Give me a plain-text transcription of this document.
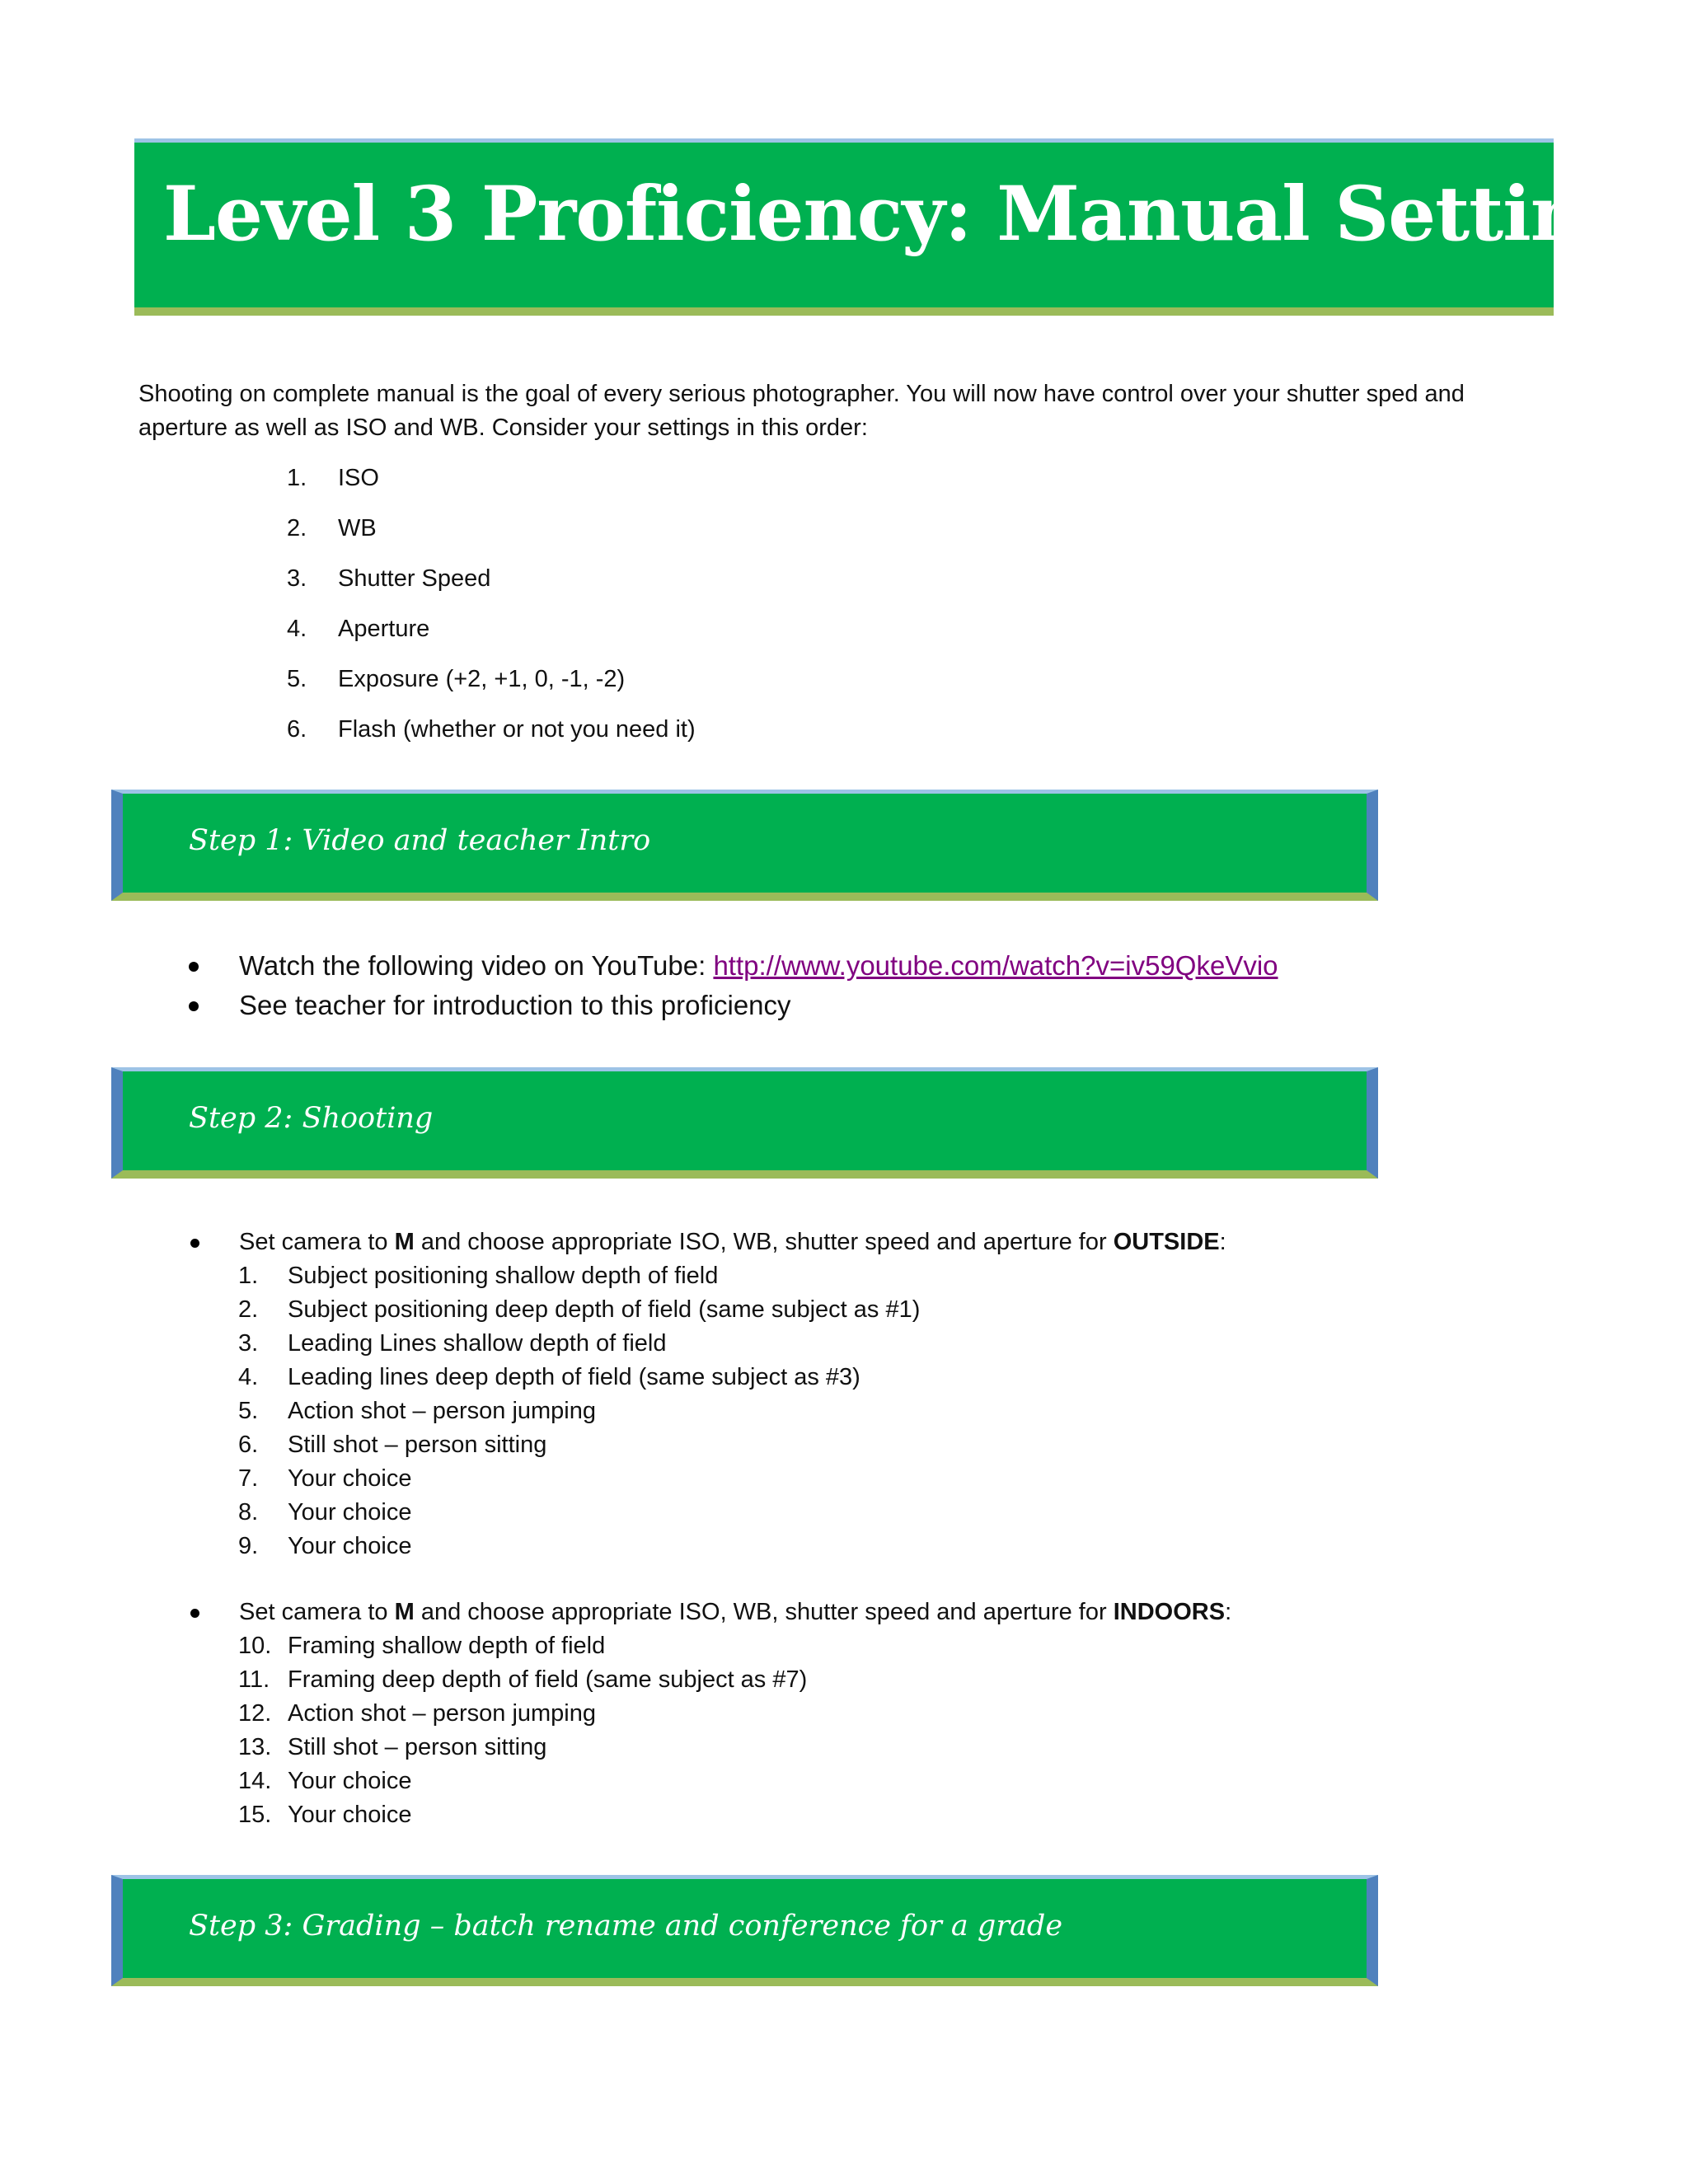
Level 3 Proficiency: Manual Settings

Shooting on complete manual is the goal of every serious photographer. You will now have control over your shutter sped and aperture as well as ISO and WB. Consider your settings in this order:

1. ISO
2. WB
3. Shutter Speed
4. Aperture
5. Exposure (+2, +1, 0, -1, -2)
6. Flash (whether or not you need it)
Step 1: Video and teacher Intro
Watch the following video on YouTube: http://www.youtube.com/watch?v=iv59QkeVvio
See teacher for introduction to this proficiency
Step 2: Shooting
Set camera to M and choose appropriate ISO, WB, shutter speed and aperture for OUTSIDE:
1. Subject positioning shallow depth of field
2. Subject positioning deep depth of field (same subject as #1)
3. Leading Lines shallow depth of field
4. Leading lines deep depth of field (same subject as #3)
5. Action shot – person jumping
6. Still shot – person sitting
7. Your choice
8. Your choice
9. Your choice
Set camera to M and choose appropriate ISO, WB, shutter speed and aperture for INDOORS:
10. Framing shallow depth of field
11. Framing deep depth of field (same subject as #7)
12. Action shot – person jumping
13. Still shot – person sitting
14. Your choice
15. Your choice
Step 3: Grading – batch rename and conference for a grade
